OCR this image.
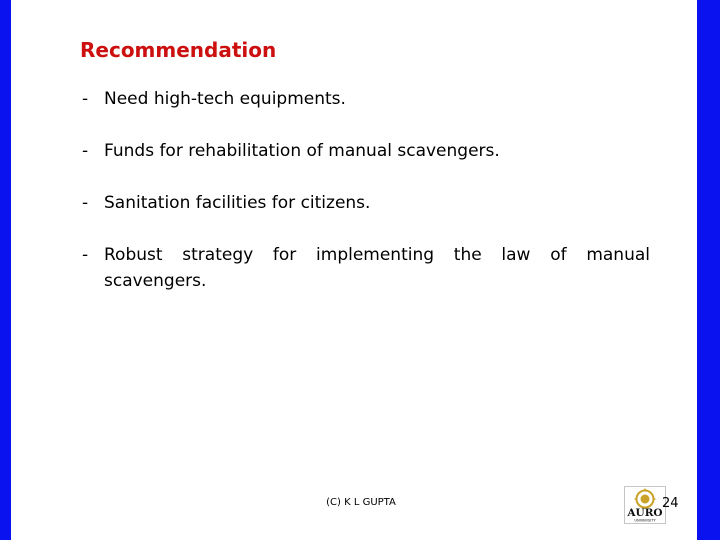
Recommendation
- Need high-tech equipments.
- Funds for rehabilitation of manual scavengers.
- Sanitation facilities for citizens.
- Robust strategy for implementing the law of manual scavengers.
(C) K L GUPTA
AURO
UNIVERSITY
24
